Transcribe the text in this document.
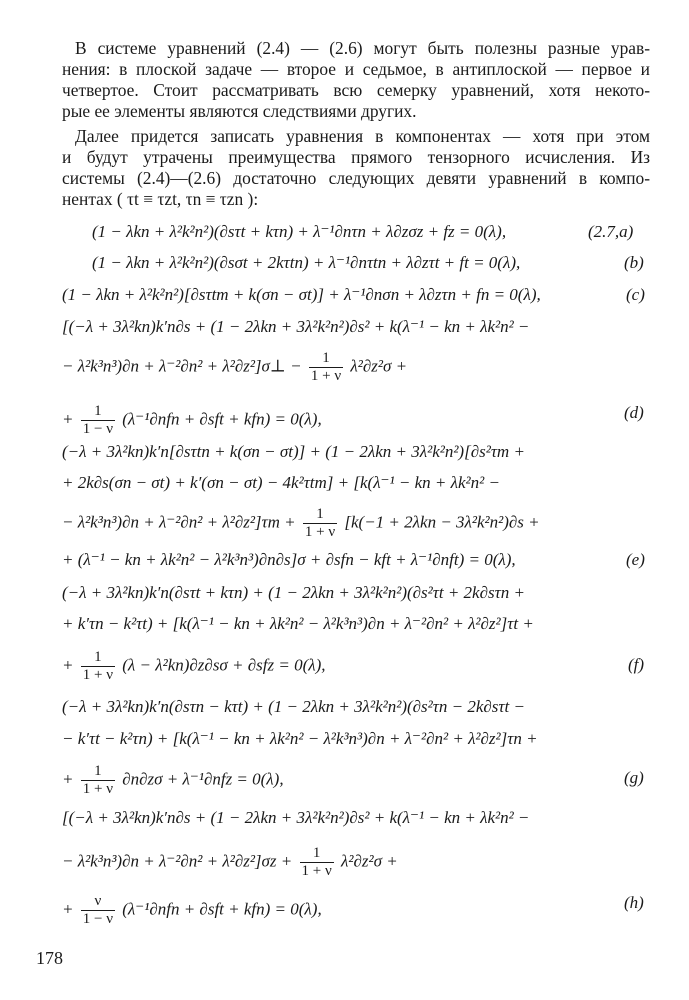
В системе уравнений (2.4) — (2.6) могут быть полезны разные урав-
нения: в плоской задаче — второе и седьмое, в антиплоской — первое и
четвертое. Стоит рассматривать всю семерку уравнений, хотя некото-
рые ее элементы являются следствиями других.
Далее придется записать уравнения в компонентах — хотя при этом
и будут утрачены преимущества прямого тензорного исчисления. Из
системы (2.4)—(2.6) достаточно следующих девяти уравнений в компо-
нентах ( τt ≡ τzt, τn ≡ τzn ):
(1 − λkn + λ²k²n²)(∂sτt + kτn) + λ⁻¹∂nτn + λ∂zσz + fz = 0(λ),	(2.7,a)
(1 − λkn + λ²k²n²)(∂sσt + 2kτtn) + λ⁻¹∂nτtn + λ∂zτt + ft = 0(λ),	(b)
(1 − λkn + λ²k²n²)[∂sτtm + k(σn − σt)] + λ⁻¹∂nσn + λ∂zτn + fn = 0(λ),	(c)
[(−λ + 3λ²kn)k′n∂s + (1 − 2λkn + 3λ²k²n²)∂s² + k(λ⁻¹ − kn + λk²n² −
− λ²k³n³)∂n + λ⁻²∂n² + λ²∂z²]σ⊥ − $\frac{1}{1 + \nu} \lambda^2\partial z^2\sigma$ +
+ $\frac{1}{1 - \nu} (\lambda^{-1}\partial nfn + \partial sft + kfn) = 0(\lambda)$,	(d)
(−λ + 3λ²kn)k′n[∂sτtn + k(σn − σt)] + (1 − 2λkn + 3λ²k²n²)[∂s²τm +
+ 2k∂s(σn − σt) + k′(σn − σt) − 4k²τtm] + [k(λ⁻¹ − kn + λk²n² −
− $\lambda^2k^3n^3)\partial n + \lambda^{-2}\partial n^2 + \lambda^2\partial z^2]\tau m + \frac{1}{1 + \nu} [k(-1 + 2\lambda kn - 3\lambda^2k^2n^2)\partial s$ +
+ (λ⁻¹ − kn + λk²n² − λ²k³n³)∂n∂s]σ + ∂sfn − kft + λ⁻¹∂nft) = 0(λ),	(e)
(−λ + 3λ²kn)k′n(∂sτt + kτn) + (1 − 2λkn + 3λ²k²n²)(∂s²τt + 2k∂sτn +
+ k′τn − k²τt) + [k(λ⁻¹ − kn + λk²n² − λ²k³n³)∂n + λ⁻²∂n² + λ²∂z²]τt +
+ $\frac{1}{1 + \nu} (\lambda - \lambda^2kn)\partial z\partial s\sigma + \partial sfz = 0(\lambda)$,	(f)
(−λ + 3λ²kn)k′n(∂sτn − kτt) + (1 − 2λkn + 3λ²k²n²)(∂s²τn − 2k∂sτt −
− k′τt − k²τn) + [k(λ⁻¹ − kn + λk²n² − λ²k³n³)∂n + λ⁻²∂n² + λ²∂z²]τn +
+ $\frac{1}{1 + \nu} \partial n\partial z\sigma + \lambda^{-1}\partial nfz = 0(\lambda)$,	(g)
[(−λ + 3λ²kn)k′n∂s + (1 − 2λkn + 3λ²k²n²)∂s² + k(λ⁻¹ − kn + λk²n² −
− $\lambda^2k^3n^3)\partial n + \lambda^{-2}\partial n^2 + \lambda^2\partial z^2]\sigma z + \frac{1}{1 + \nu} \lambda^2\partial z^2\sigma$ +
+ $\frac{\nu}{1 - \nu} (\lambda^{-1}\partial nfn + \partial sft + kfn) = 0(\lambda)$,	(h)
178
